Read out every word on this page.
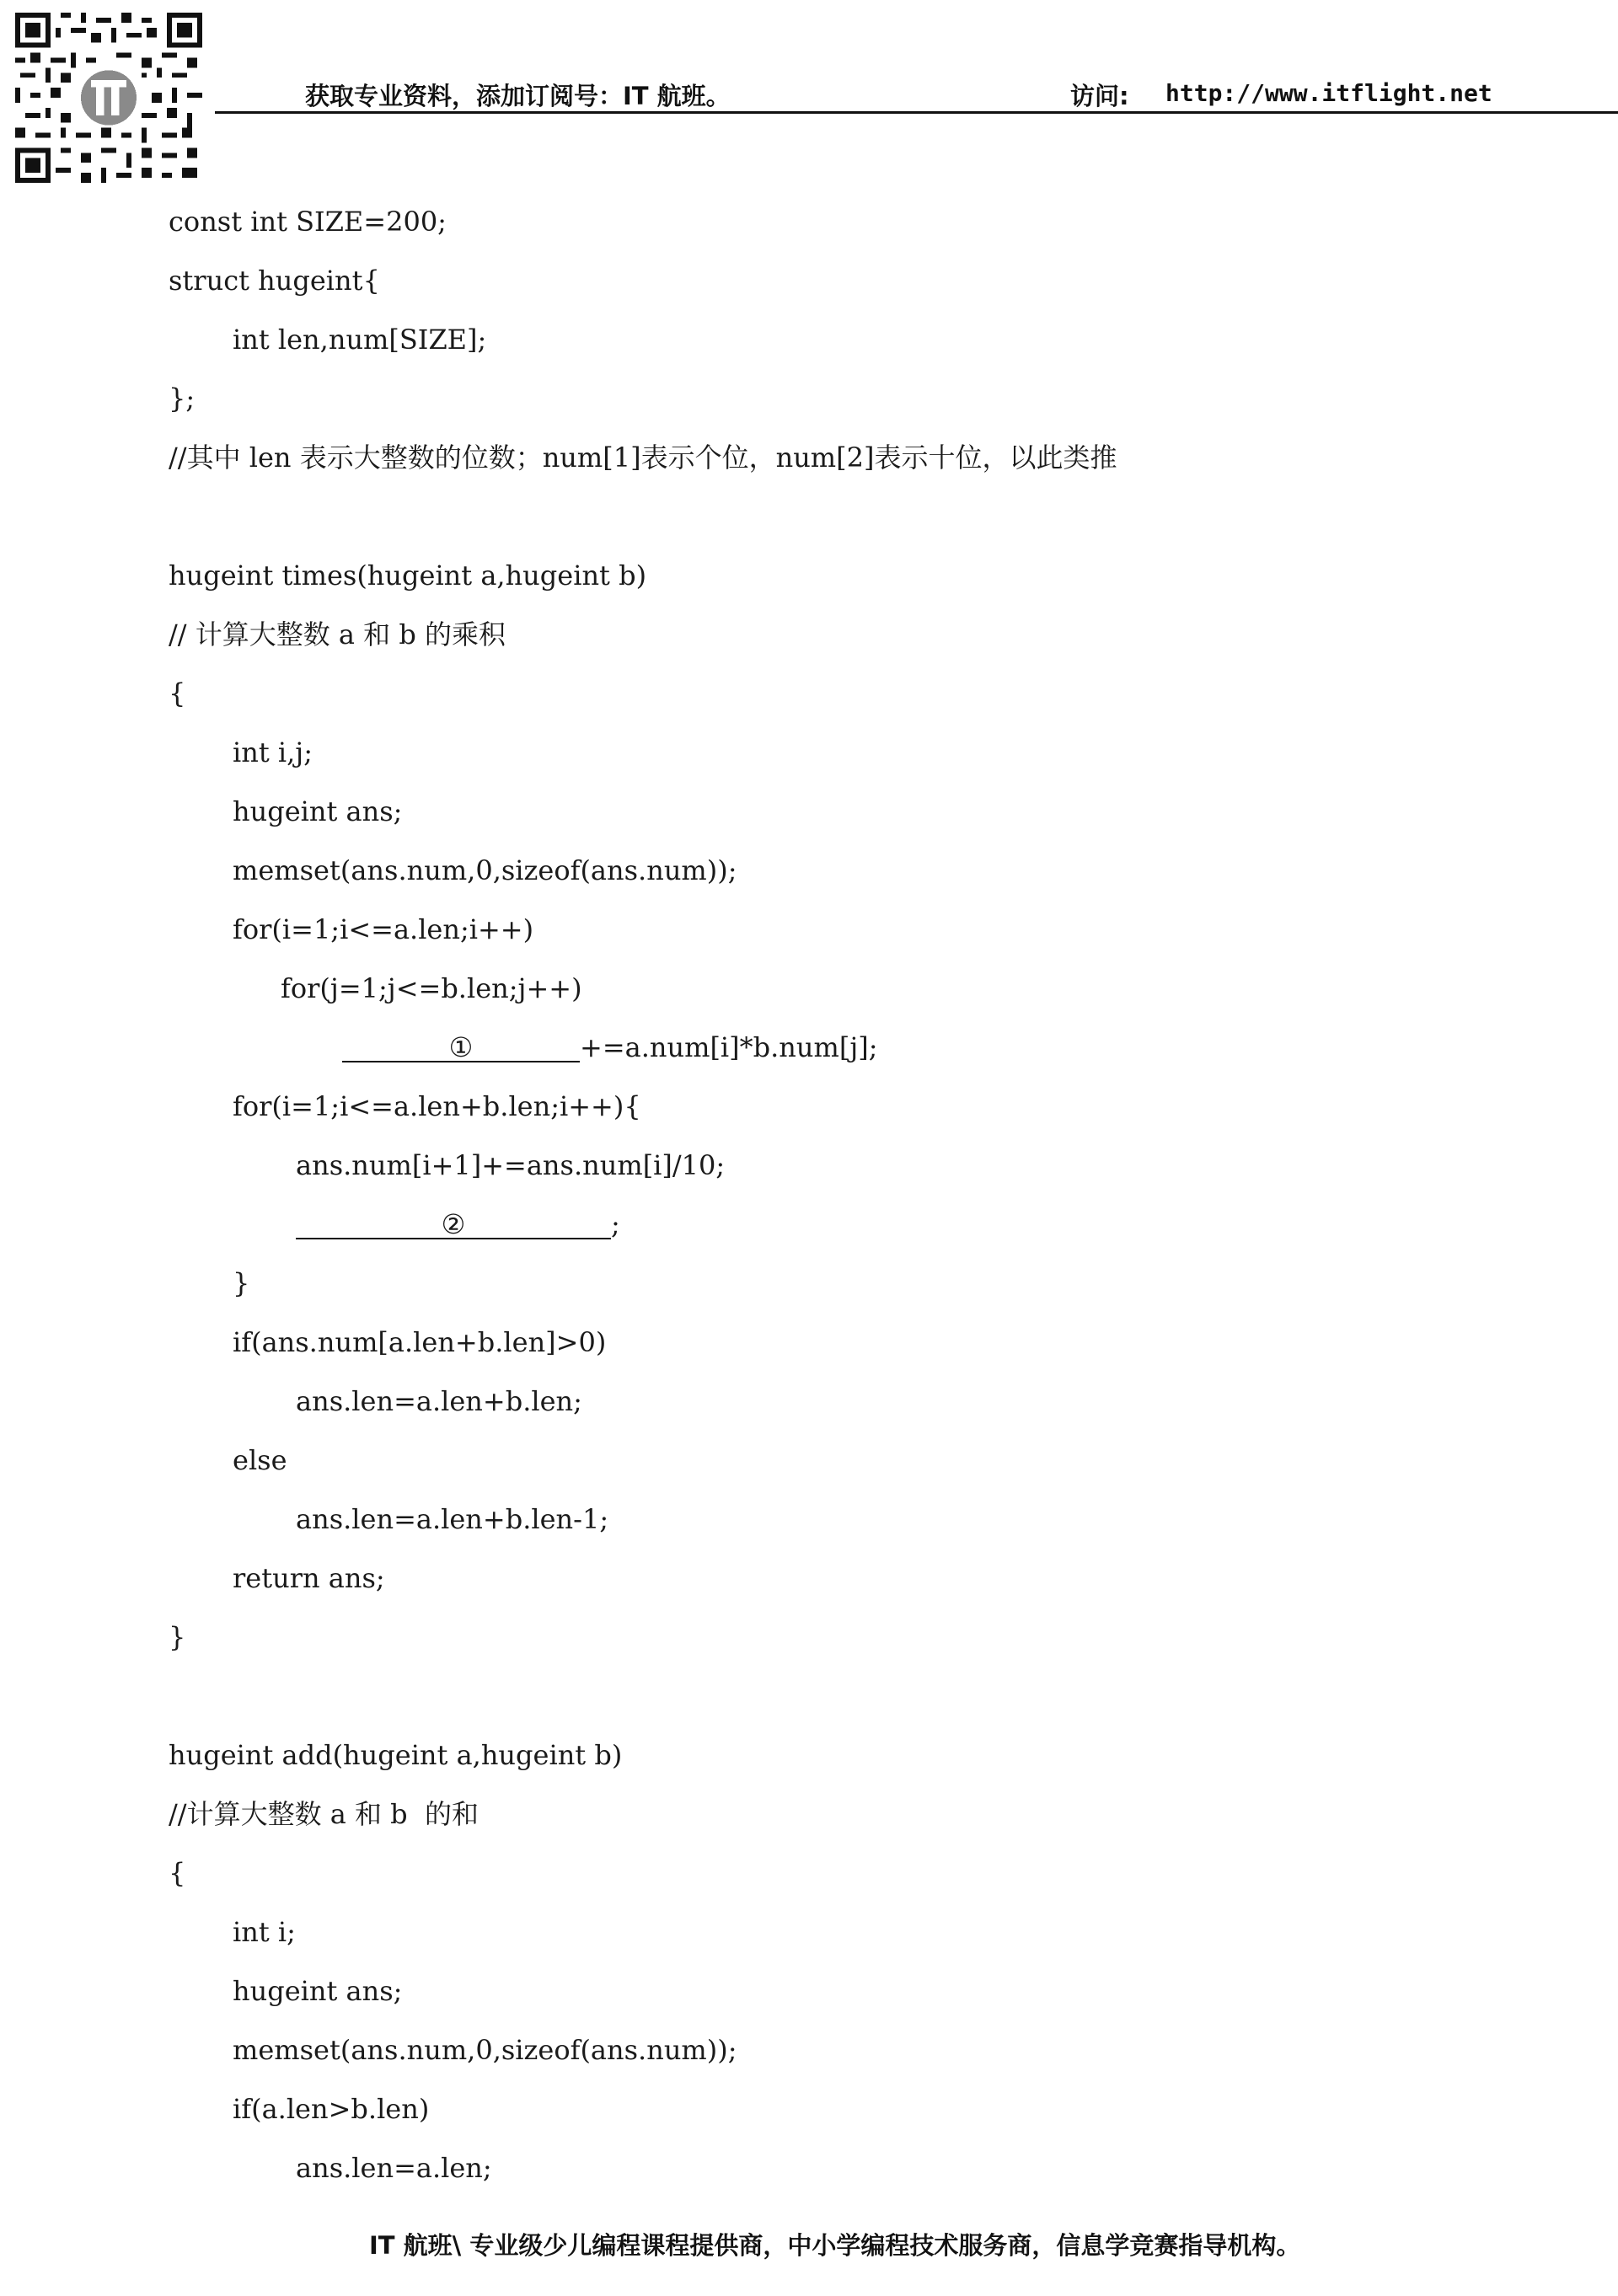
获取专业资料，添加订阅号：IT 航班。	访问: http://www.itflight.net
const int SIZE=200;
struct hugeint{
int len,num[SIZE];
};
//其中 len 表示大整数的位数；num[1]表示个位，num[2]表示十位，以此类推
hugeint times(hugeint a,hugeint b)
// 计算大整数 a 和 b 的乘积
{
int i,j;
hugeint ans;
memset(ans.num,0,sizeof(ans.num));
for(i=1;i<=a.len;i++)
for(j=1;j<=b.len;j++)
①	+=a.num[i]*b.num[j];
for(i=1;i<=a.len+b.len;i++){
ans.num[i+1]+=ans.num[i]/10;
②	;
}
if(ans.num[a.len+b.len]>0)
ans.len=a.len+b.len;
else
ans.len=a.len+b.len-1;
return ans;
}
hugeint add(hugeint a,hugeint b)
//计算大整数 a 和 b  的和
{
int i;
hugeint ans;
memset(ans.num,0,sizeof(ans.num));
if(a.len>b.len)
ans.len=a.len;
IT 航班\ 专业级少儿编程课程提供商，中小学编程技术服务商，信息学竞赛指导机构。
